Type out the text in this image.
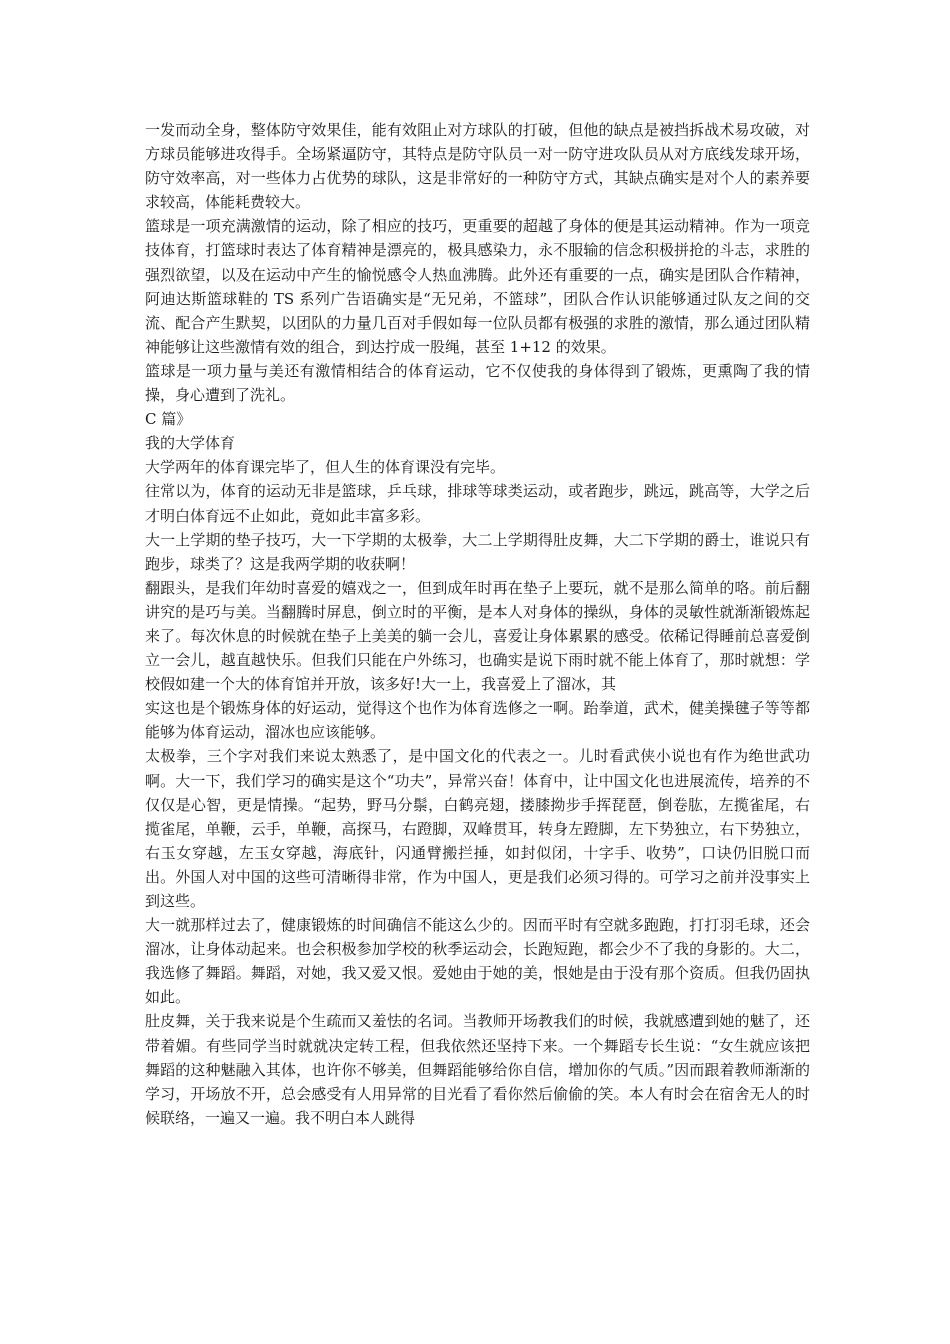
一发而动全身，整体防守效果佳，能有效阻止对方球队的打破，但他的缺点是被挡拆战术易攻破，对方球员能够进攻得手。全场紧逼防守，其特点是防守队员一对一防守进攻队员从对方底线发球开场，防守效率高，对一些体力占优势的球队，这是非常好的一种防守方式，其缺点确实是对个人的素养要求较高，体能耗费较大。

篮球是一项充满激情的运动，除了相应的技巧，更重要的超越了身体的便是其运动精神。作为一项竞技体育，打篮球时表达了体育精神是漂亮的，极具感染力，永不服输的信念积极拼抢的斗志，求胜的强烈欲望，以及在运动中产生的愉悦感令人热血沸腾。此外还有重要的一点，确实是团队合作精神，阿迪达斯篮球鞋的 TS 系列广告语确实是“无兄弟，不篮球”，团队合作认识能够通过队友之间的交流、配合产生默契，以团队的力量几百对手假如每一位队员都有极强的求胜的激情，那么通过团队精神能够让这些激情有效的组合，到达拧成一股绳，甚至 1+12 的效果。

篮球是一项力量与美还有激情相结合的体育运动，它不仅使我的身体得到了锻炼，更熏陶了我的情操，身心遭到了洗礼。

C 篇》

我的大学体育

大学两年的体育课完毕了，但人生的体育课没有完毕。

往常以为，体育的运动无非是篮球，乒乓球，排球等球类运动，或者跑步，跳远，跳高等，大学之后才明白体育远不止如此，竟如此丰富多彩。

大一上学期的垫子技巧，大一下学期的太极拳，大二上学期得肚皮舞，大二下学期的爵士，谁说只有跑步，球类了？这是我两学期的收获啊！

翻跟头，是我们年幼时喜爱的嬉戏之一，但到成年时再在垫子上要玩，就不是那么简单的咯。前后翻讲究的是巧与美。当翻腾时屏息，倒立时的平衡，是本人对身体的操纵，身体的灵敏性就渐渐锻炼起来了。每次休息的时候就在垫子上美美的躺一会儿，喜爱让身体累累的感受。依稀记得睡前总喜爱倒立一会儿，越直越快乐。但我们只能在户外练习，也确实是说下雨时就不能上体育了，那时就想：学校假如建一个大的体育馆并开放，该多好!大一上，我喜爱上了溜冰，其

实这也是个锻炼身体的好运动，觉得这个也作为体育选修之一啊。跆拳道，武术，健美操毽子等等都能够为体育运动，溜冰也应该能够。

太极拳，三个字对我们来说太熟悉了，是中国文化的代表之一。儿时看武侠小说也有作为绝世武功啊。大一下，我们学习的确实是这个“功夫”，异常兴奋！体育中，让中国文化也进展流传，培养的不仅仅是心智，更是情操。“起势，野马分鬃，白鹤亮翅，搂膝拗步手挥琵琶，倒卷肱，左揽雀尾，右揽雀尾，单鞭，云手，单鞭，高探马，右蹬脚，双峰贯耳，转身左蹬脚，左下势独立，右下势独立，右玉女穿越，左玉女穿越，海底针，闪通臂搬拦捶，如封似闭，十字手、收势”，口诀仍旧脱口而出。外国人对中国的这些可清晰得非常，作为中国人，更是我们必须习得的。可学习之前并没事实上到这些。

大一就那样过去了，健康锻炼的时间确信不能这么少的。因而平时有空就多跑跑，打打羽毛球，还会溜冰，让身体动起来。也会积极参加学校的秋季运动会，长跑短跑，都会少不了我的身影的。大二，我选修了舞蹈。舞蹈，对她，我又爱又恨。爱她由于她的美，恨她是由于没有那个资质。但我仍固执如此。

肚皮舞，关于我来说是个生疏而又羞怯的名词。当教师开场教我们的时候，我就感遭到她的魅了，还带着媚。有些同学当时就就决定转工程，但我依然还坚持下来。一个舞蹈专长生说：“女生就应该把舞蹈的这种魅融入其体，也许你不够美，但舞蹈能够给你自信，增加你的气质。”因而跟着教师渐渐的学习，开场放不开，总会感受有人用异常的目光看了看你然后偷偷的笑。本人有时会在宿舍无人的时候联络，一遍又一遍。我不明白本人跳得
